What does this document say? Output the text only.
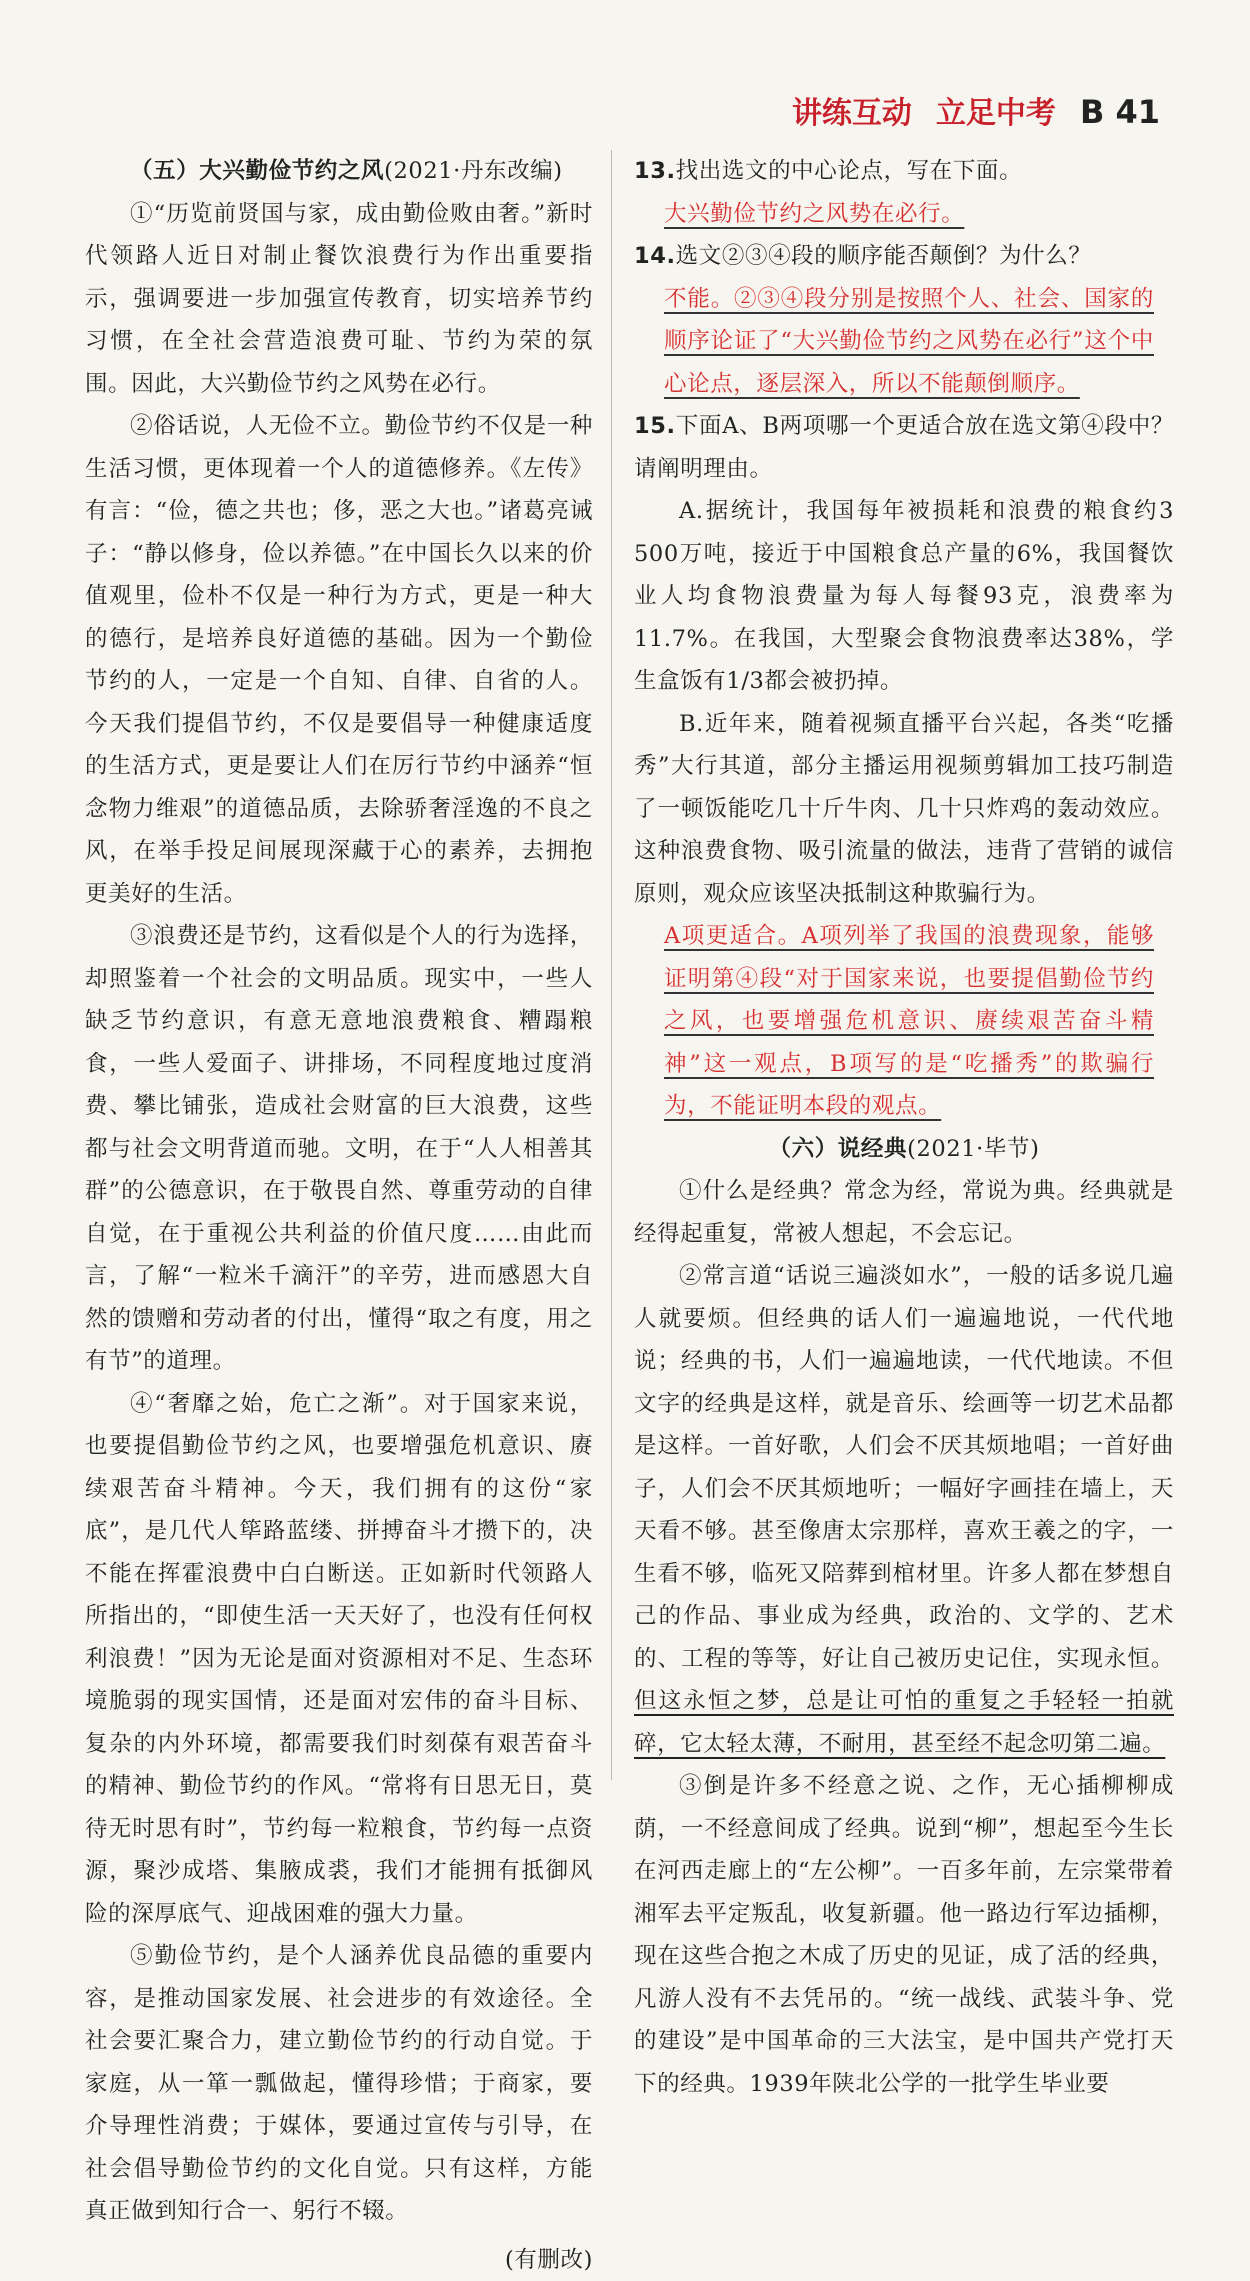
讲练互动 立足中考 B 41

（五）大兴勤俭节约之风(2021·丹东改编)

①“历览前贤国与家，成由勤俭败由奢。”新时代领路人近日对制止餐饮浪费行为作出重要指示，强调要进一步加强宣传教育，切实培养节约习惯，在全社会营造浪费可耻、节约为荣的氛围。因此，大兴勤俭节约之风势在必行。

②俗话说，人无俭不立。勤俭节约不仅是一种生活习惯，更体现着一个人的道德修养。《左传》有言：“俭，德之共也；侈，恶之大也。”诸葛亮诫子：“静以修身，俭以养德。”在中国长久以来的价值观里，俭朴不仅是一种行为方式，更是一种大的德行，是培养良好道德的基础。因为一个勤俭节约的人，一定是一个自知、自律、自省的人。今天我们提倡节约，不仅是要倡导一种健康适度的生活方式，更是要让人们在厉行节约中涵养“恒念物力维艰”的道德品质，去除骄奢淫逸的不良之风，在举手投足间展现深藏于心的素养，去拥抱更美好的生活。

③浪费还是节约，这看似是个人的行为选择，却照鉴着一个社会的文明品质。现实中，一些人缺乏节约意识，有意无意地浪费粮食、糟蹋粮食，一些人爱面子、讲排场，不同程度地过度消费、攀比铺张，造成社会财富的巨大浪费，这些都与社会文明背道而驰。文明，在于“人人相善其群”的公德意识，在于敬畏自然、尊重劳动的自律自觉，在于重视公共利益的价值尺度……由此而言，了解“一粒米千滴汗”的辛劳，进而感恩大自然的馈赠和劳动者的付出，懂得“取之有度，用之有节”的道理。

④“奢靡之始，危亡之渐”。对于国家来说，也要提倡勤俭节约之风，也要增强危机意识、赓续艰苦奋斗精神。今天，我们拥有的这份“家底”，是几代人筚路蓝缕、拼搏奋斗才攒下的，决不能在挥霍浪费中白白断送。正如新时代领路人所指出的，“即使生活一天天好了，也没有任何权利浪费！”因为无论是面对资源相对不足、生态环境脆弱的现实国情，还是面对宏伟的奋斗目标、复杂的内外环境，都需要我们时刻葆有艰苦奋斗的精神、勤俭节约的作风。“常将有日思无日，莫待无时思有时”，节约每一粒粮食，节约每一点资源，聚沙成塔、集腋成裘，我们才能拥有抵御风险的深厚底气、迎战困难的强大力量。

⑤勤俭节约，是个人涵养优良品德的重要内容，是推动国家发展、社会进步的有效途径。全社会要汇聚合力，建立勤俭节约的行动自觉。于家庭，从一箪一瓢做起，懂得珍惜；于商家，要介导理性消费；于媒体，要通过宣传与引导，在社会倡导勤俭节约的文化自觉。只有这样，方能真正做到知行合一、躬行不辍。

(有删改)

13.找出选文的中心论点，写在下面。

大兴勤俭节约之风势在必行。

14.选文②③④段的顺序能否颠倒？为什么？

不能。②③④段分别是按照个人、社会、国家的顺序论证了“大兴勤俭节约之风势在必行”这个中心论点，逐层深入，所以不能颠倒顺序。

15.下面A、B两项哪一个更适合放在选文第④段中？请阐明理由。

A.据统计，我国每年被损耗和浪费的粮食约3 500万吨，接近于中国粮食总产量的6%，我国餐饮业人均食物浪费量为每人每餐93克，浪费率为11.7%。在我国，大型聚会食物浪费率达38%，学生盒饭有1/3都会被扔掉。

B.近年来，随着视频直播平台兴起，各类“吃播秀”大行其道，部分主播运用视频剪辑加工技巧制造了一顿饭能吃几十斤牛肉、几十只炸鸡的轰动效应。这种浪费食物、吸引流量的做法，违背了营销的诚信原则，观众应该坚决抵制这种欺骗行为。

A项更适合。A项列举了我国的浪费现象，能够证明第④段“对于国家来说，也要提倡勤俭节约之风，也要增强危机意识、赓续艰苦奋斗精神”这一观点，B项写的是“吃播秀”的欺骗行为，不能证明本段的观点。

（六）说经典(2021·毕节)

①什么是经典？常念为经，常说为典。经典就是经得起重复，常被人想起，不会忘记。

②常言道“话说三遍淡如水”，一般的话多说几遍人就要烦。但经典的话人们一遍遍地说，一代代地说；经典的书，人们一遍遍地读，一代代地读。不但文字的经典是这样，就是音乐、绘画等一切艺术品都是这样。一首好歌，人们会不厌其烦地唱；一首好曲子，人们会不厌其烦地听；一幅好字画挂在墙上，天天看不够。甚至像唐太宗那样，喜欢王羲之的字，一生看不够，临死又陪葬到棺材里。许多人都在梦想自己的作品、事业成为经典，政治的、文学的、艺术的、工程的等等，好让自己被历史记住，实现永恒。但这永恒之梦，总是让可怕的重复之手轻轻一拍就碎，它太轻太薄，不耐用，甚至经不起念叨第二遍。

③倒是许多不经意之说、之作，无心插柳柳成荫，一不经意间成了经典。说到“柳”，想起至今生长在河西走廊上的“左公柳”。一百多年前，左宗棠带着湘军去平定叛乱，收复新疆。他一路边行军边插柳，现在这些合抱之木成了历史的见证，成了活的经典，凡游人没有不去凭吊的。“统一战线、武装斗争、党的建设”是中国革命的三大法宝，是中国共产党打天下的经典。1939年陕北公学的一批学生毕业要
